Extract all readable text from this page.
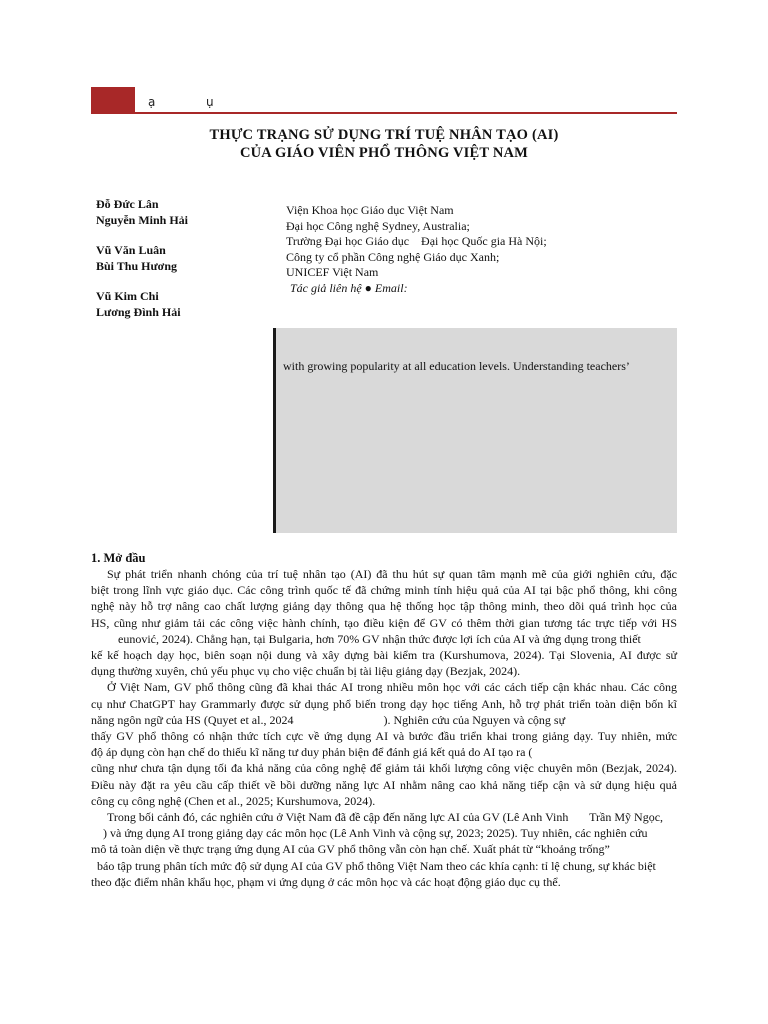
ạ	ụ
THỰC TRẠNG SỬ DỤNG TRÍ TUỆ NHÂN TẠO (AI)
CỦA GIÁO VIÊN PHỔ THÔNG VIỆT NAM
Đỗ Đức Lân
Nguyễn Minh Hải
Vũ Văn Luân
Bùi Thu Hương
Vũ Kim Chi
Lương Đình Hải
Viện Khoa học Giáo dục Việt Nam
Đại học Công nghệ Sydney, Australia;
Trường Đại học Giáo dục    Đại học Quốc gia Hà Nội;
Công ty cổ phần Công nghệ Giáo dục Xanh;
UNICEF Việt Nam
Tác giả liên hệ ● Email:
with growing popularity at all education levels. Understanding teachers’
1. Mở đầu
Sự phát triển nhanh chóng của trí tuệ nhân tạo (AI) đã thu hút sự quan tâm mạnh mẽ của giới nghiên cứu, đặc
biệt trong lĩnh vực giáo dục. Các công trình quốc tế đã chứng minh tính hiệu quả của AI tại bậc phổ thông, khi công
nghệ này hỗ trợ nâng cao chất lượng giảng dạy thông qua hệ thống học tập thông minh, theo dõi quá trình học của
HS, cũng như giảm tải các công việc hành chính, tạo điều kiện để GV có thêm thời gian tương tác trực tiếp với HS
eunović, 2024). Chẳng hạn, tại Bulgaria, hơn 70% GV nhận thức được lợi ích của AI và ứng dụng trong thiết
kế kế hoạch dạy học, biên soạn nội dung và xây dựng bài kiểm tra (Kurshumova, 2024). Tại Slovenia, AI được sử
dụng thường xuyên, chủ yếu phục vụ cho việc chuẩn bị tài liệu giảng dạy (Bezjak, 2024).
Ở Việt Nam, GV phổ thông cũng đã khai thác AI trong nhiều môn học với các cách tiếp cận khác nhau. Các công
cụ như ChatGPT hay Grammarly được sử dụng phổ biến trong dạy học tiếng Anh, hỗ trợ phát triển toàn diện bốn kĩ
năng ngôn ngữ của HS (Quyet et al., 2024                              ). Nghiên cứu của Nguyen và cộng sự
thấy GV phổ thông có nhận thức tích cực về ứng dụng AI và bước đầu triển khai trong giảng dạy. Tuy nhiên, mức
độ áp dụng còn hạn chế do thiếu kĩ năng tư duy phản biện để đánh giá kết quả do AI tạo ra (
cũng như chưa tận dụng tối đa khả năng của công nghệ để giảm tải khối lượng công việc chuyên môn (Bezjak, 2024).
Điều này đặt ra yêu cầu cấp thiết về bồi dưỡng năng lực AI nhằm nâng cao khả năng tiếp cận và sử dụng hiệu quả
công cụ công nghệ (Chen et al., 2025; Kurshumova, 2024).
Trong bối cảnh đó, các nghiên cứu ở Việt Nam đã đề cập đến năng lực AI của GV (Lê Anh Vinh       Trần Mỹ Ngọc,
) và ứng dụng AI trong giảng dạy các môn học (Lê Anh Vinh và cộng sự, 2023; 2025). Tuy nhiên, các nghiên cứu
mô tả toàn diện về thực trạng ứng dụng AI của GV phổ thông vẫn còn hạn chế. Xuất phát từ “khoảng trống”
báo tập trung phân tích mức độ sử dụng AI của GV phổ thông Việt Nam theo các khía cạnh: tỉ lệ chung, sự khác biệt
theo đặc điểm nhân khẩu học, phạm vi ứng dụng ở các môn học và các hoạt động giáo dục cụ thể.
